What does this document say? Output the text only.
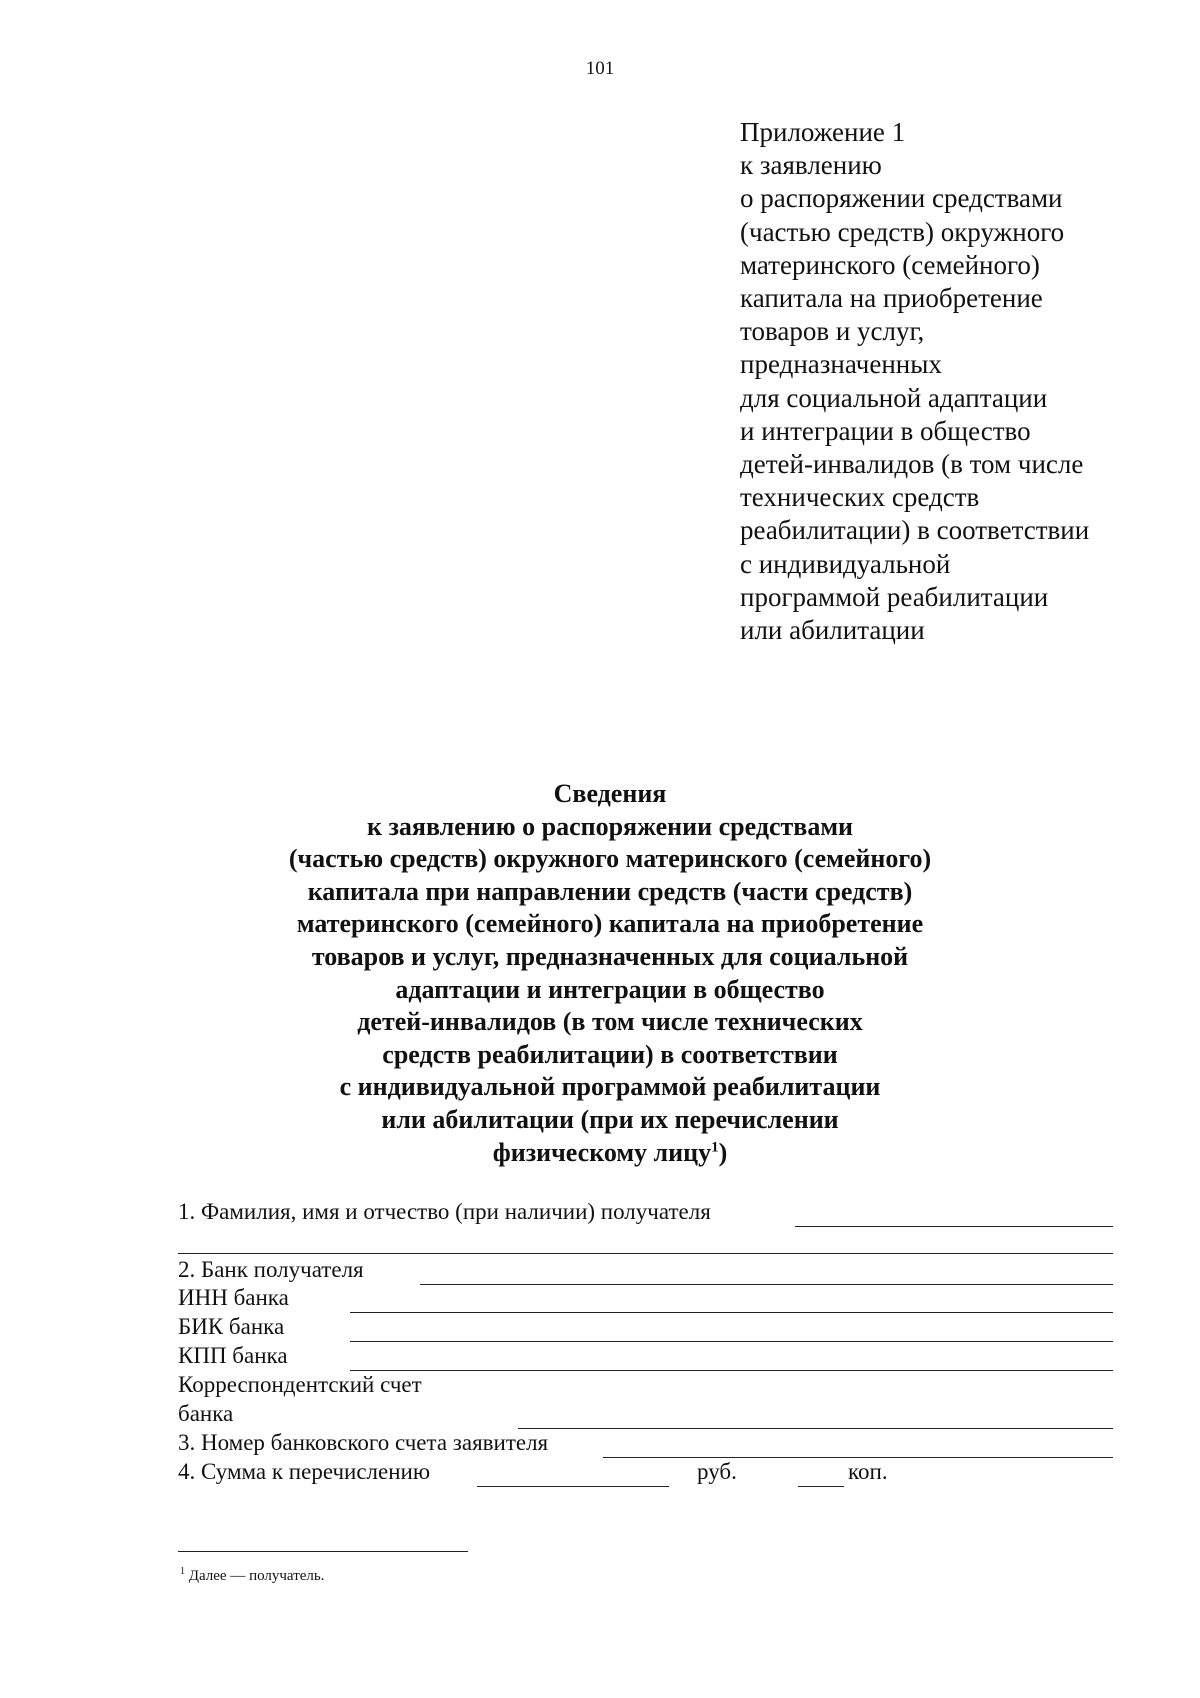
101
Приложение 1
к заявлению
о распоряжении средствами
(частью средств) окружного
материнского (семейного)
капитала на приобретение
товаров и услуг,
предназначенных
для социальной адаптации
и интеграции в общество
детей-инвалидов (в том числе
технических средств
реабилитации) в соответствии
с индивидуальной
программой реабилитации
или абилитации
Сведения
к заявлению о распоряжении средствами
(частью средств) окружного материнского (семейного)
капитала при направлении средств (части средств)
материнского (семейного) капитала на приобретение
товаров и услуг, предназначенных для социальной
адаптации и интеграции в общество
детей-инвалидов (в том числе технических
средств реабилитации) в соответствии
с индивидуальной программой реабилитации
или абилитации (при их перечислении
физическому лицу$^1$)
1. Фамилия, имя и отчество (при наличии) получателя
2. Банк получателя
ИНН банка
БИК банка
КПП банка
Корреспондентский счет
банка
3. Номер банковского счета заявителя
4. Сумма к перечислению	руб.	коп.
$^1$ Далее — получатель.
